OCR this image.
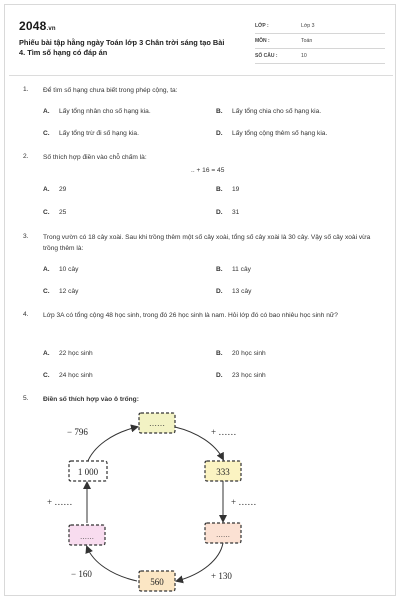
2048.vn
Phiếu bài tập hằng ngày Toán lớp 3 Chân trời sáng tạo Bài 4. Tìm số hạng có đáp án
LỚP :	Lớp 3
MÔN :	Toán
SỐ CÂU :	10
1. Để tìm số hạng chưa biết trong phép cộng, ta:
A. Lấy tổng nhân cho số hạng kia.	B. Lấy tổng chia cho số hạng kia.
C. Lấy tổng trừ đi số hạng kia.	D. Lấy tổng cộng thêm số hạng kia.
2. Số thích hợp điền vào chỗ chấm là:
.. + 16 = 45
A. 29	B. 19
C. 25	D. 31
3. Trong vườn có 18 cây xoài. Sau khi trồng thêm một số cây xoài, tổng số cây xoài là 30 cây. Vậy số cây xoài vừa trồng thêm là:
A. 10 cây	B. 11 cây
C. 12 cây	D. 13 cây
4. Lớp 3A có tổng cộng 48 học sinh, trong đó 26 học sinh là nam. Hỏi lớp đó có bao nhiêu học sinh nữ?
A. 22 học sinh	B. 20 học sinh
C. 24 học sinh	D. 23 học sinh
5. Điền số thích hợp vào ô trống:
……
1 000	333
……	……
560
− 796	+ ……
+ ……	+ ……
− 160	+ 130
